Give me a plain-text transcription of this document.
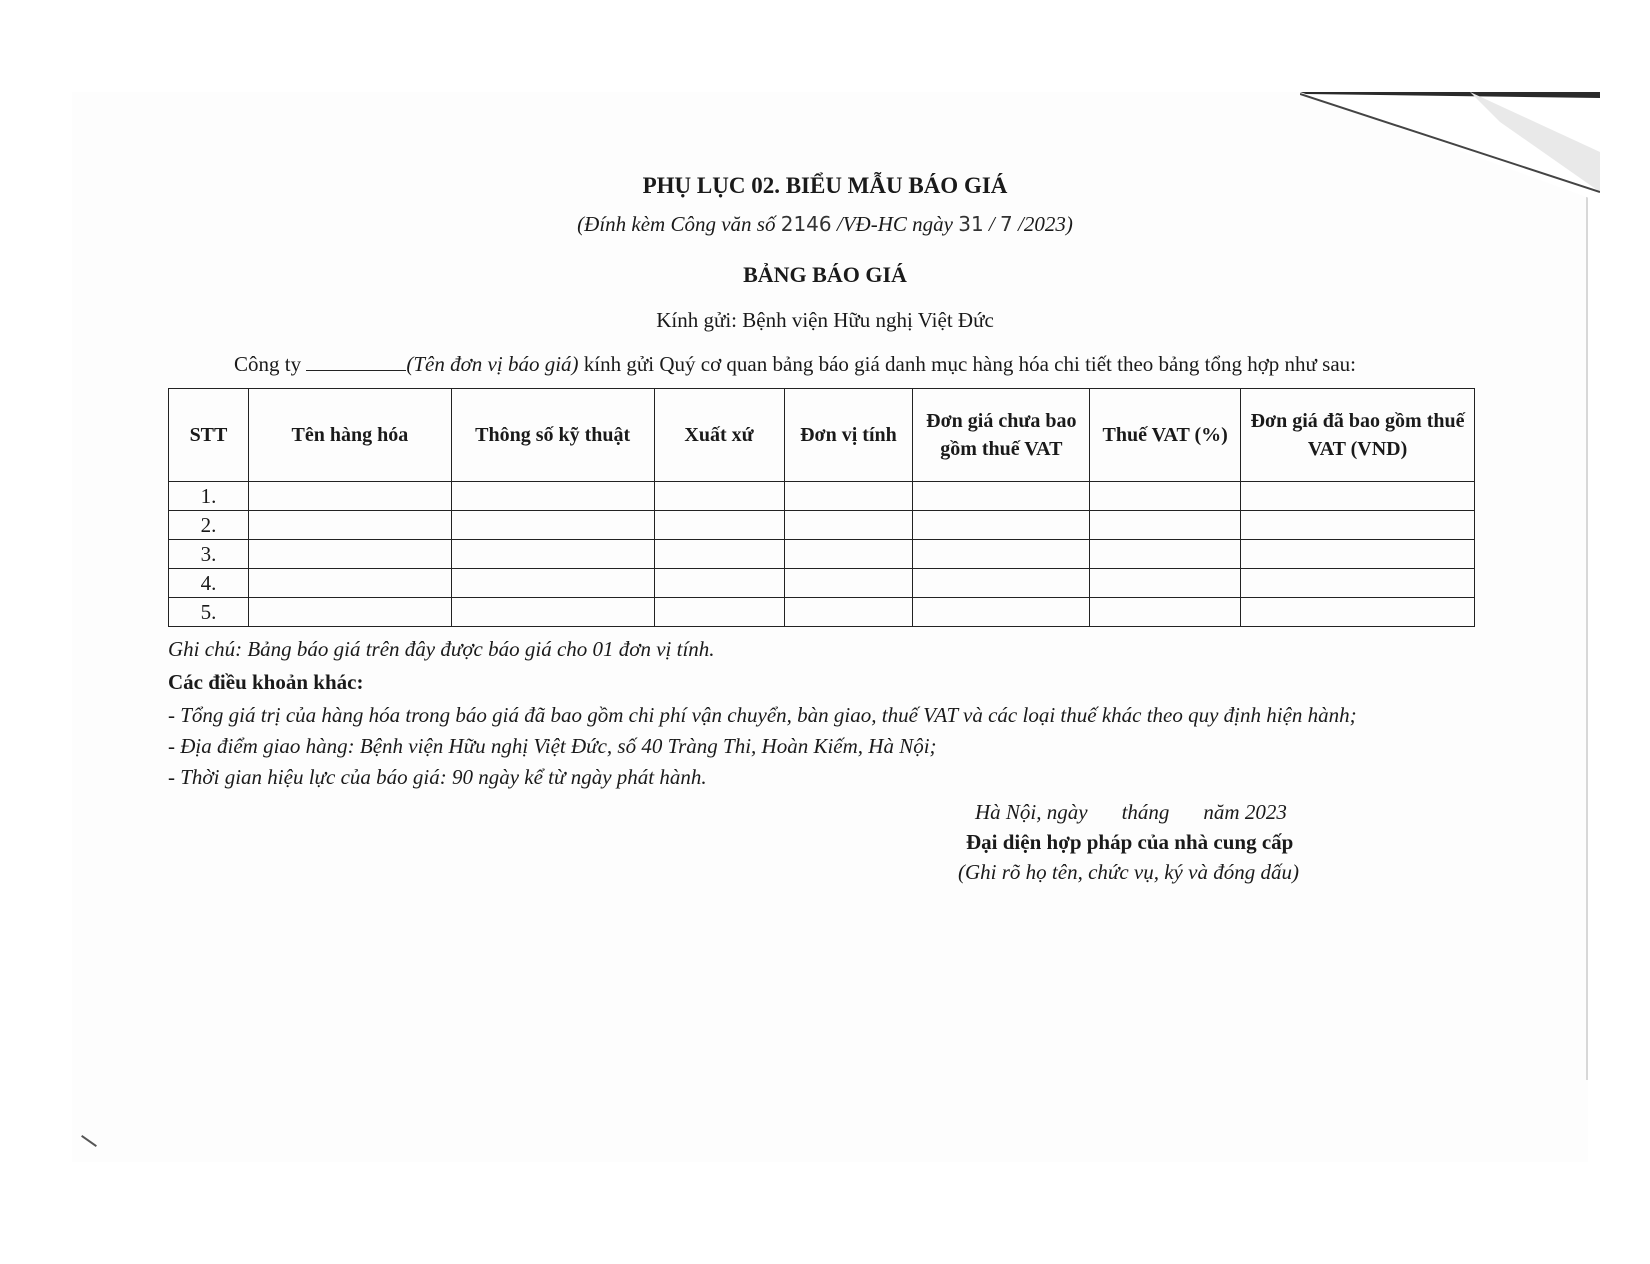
PHỤ LỤC 02. BIỂU MẪU BÁO GIÁ
(Đính kèm Công văn số 2146 /VĐ-HC ngày 31 / 7 /2023)
BẢNG BÁO GIÁ
Kính gửi: Bệnh viện Hữu nghị Việt Đức
Công ty	(Tên đơn vị báo giá) kính gửi Quý cơ quan bảng báo giá danh mục hàng hóa chi tiết theo bảng tổng hợp như sau:
STT	Tên hàng hóa	Thông số kỹ thuật	Xuất xứ	Đơn vị tính	Đơn giá chưa bao gồm thuế VAT	Thuế VAT (%)	Đơn giá đã bao gồm thuế VAT (VND)
1.							
2.							
3.							
4.							
5.							
Ghi chú: Bảng báo giá trên đây được báo giá cho 01 đơn vị tính.
Các điều khoản khác:
- Tổng giá trị của hàng hóa trong báo giá đã bao gồm chi phí vận chuyển, bàn giao, thuế VAT và các loại thuế khác theo quy định hiện hành;
- Địa điểm giao hàng: Bệnh viện Hữu nghị Việt Đức, số 40 Tràng Thi, Hoàn Kiếm, Hà Nội;
- Thời gian hiệu lực của báo giá: 90 ngày kể từ ngày phát hành.
Hà Nội, ngày tháng năm 2023
Đại diện hợp pháp của nhà cung cấp
(Ghi rõ họ tên, chức vụ, ký và đóng dấu)
